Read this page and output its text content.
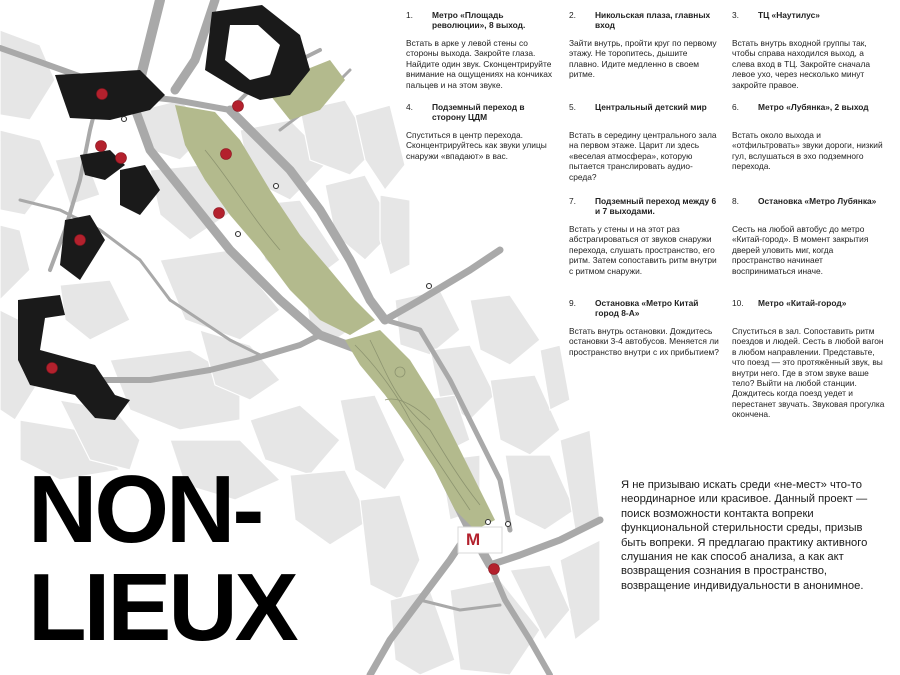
M
1. Метро «Площадь революции», 8 выход.
Встать в арке у левой стены со стороны выхода. Закройте глаза. Найдите один звук. Сконцентрируйте внимание на ощущениях на кончиках пальцев и на этом звуке.
2. Никольская плаза, главных вход
Зайти внутрь, пройти круг по первому этажу. Не торопитесь, дышите плавно. Идите медленно в своем ритме.
3. ТЦ «Наутилус»
Встать внутрь входной группы так, чтобы справа находился выход, а слева вход в ТЦ. Закройте сначала левое ухо, через несколько минут закройте правое.
4. Подземный переход в сторону ЦДМ
Спуститься в центр перехода. Сконцентрируйтесь как звуки улицы снаружи «впадают» в вас.
5. Центральный детский мир
Встать в середину центрального зала на первом этаже. Царит ли здесь «веселая атмосфера», которую пытается транслировать аудио-среда?
6. Метро «Лубянка», 2 выход
Встать около выхода и «отфильтровать» звуки дороги, низкий гул, вслушаться в эхо подземного перехода.
7. Подземный переход между 6 и 7 выходами.
Встать у стены и на этот раз абстрагироваться от звуков снаружи перехода, слушать пространство, его ритм. Затем сопоставить ритм внутри с ритмом снаружи.
8. Остановка «Метро Лубянка»
Сесть на любой автобус до метро «Китай-город». В момент закрытия дверей уловить миг, когда пространство начинает восприниматься иначе.
9. Остановка «Метро Китай город 8-А»
Встать внутрь остановки. Дождитесь остановки 3-4 автобусов. Меняется ли пространство внутри с их прибытием?
10. Метро «Китай-город»
Спуститься в зал. Сопоставить ритм поездов и людей. Сесть в любой вагон в любом направлении. Представьте, что поезд — это протяжённый звук, вы внутри него. Где в этом звуке ваше тело? Выйти на любой станции. Дождитесь когда поезд уедет и перестанет звучать. Звуковая прогулка окончена.
NON-
LIEUX
Я не призываю искать среди «не-мест» что-то неординарное или красивое. Данный проект — поиск возможности контакта вопреки функциональной стерильности среды, призыв быть вопреки. Я предлагаю практику активного слушания не как способ анализа, а как акт возвращения сознания в пространство, возвращение индивидуальности в анонимное.
